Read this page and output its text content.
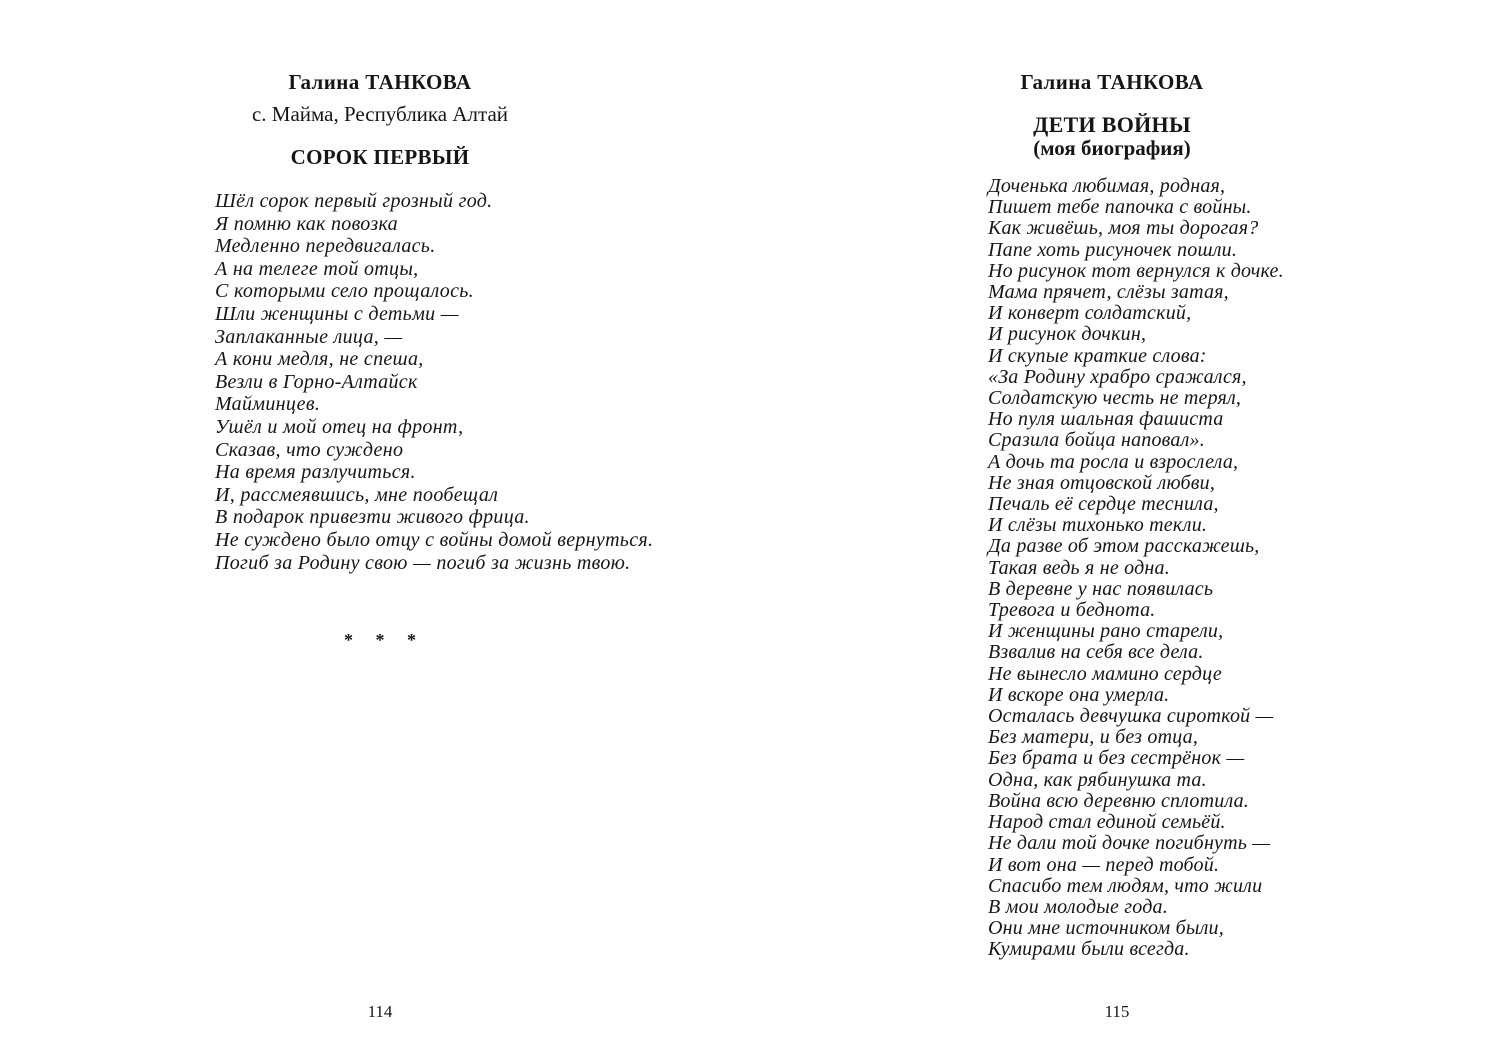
Галина ТАНКОВА
с. Майма, Республика Алтай
СОРОК ПЕРВЫЙ
Шёл сорок первый грозный год.
Я помню как повозка
Медленно передвигалась.
А на телеге той отцы,
С которыми село прощалось.
Шли женщины с детьми —
Заплаканные лица, —
А кони медля, не спеша,
Везли в Горно-Алтайск
Майминцев.
Ушёл и мой отец на фронт,
Сказав, что суждено
На время разлучиться.
И, рассмеявшись, мне пообещал
В подарок привезти живого фрица.
Не суждено было отцу с войны домой вернуться.
Погиб за Родину свою — погиб за жизнь твою.
* * *
114
Галина ТАНКОВА
ДЕТИ ВОЙНЫ
(моя биография)
Доченька любимая, родная,
Пишет тебе папочка с войны.
Как живёшь, моя ты дорогая?
Папе хоть рисуночек пошли.
Но рисунок тот вернулся к дочке.
Мама прячет, слёзы затая,
И конверт солдатский,
И рисунок дочкин,
И скупые краткие слова:
«За Родину храбро сражался,
Солдатскую честь не терял,
Но пуля шальная фашиста
Сразила бойца наповал».
А дочь та росла и взрослела,
Не зная отцовской любви,
Печаль её сердце теснила,
И слёзы тихонько текли.
Да разве об этом расскажешь,
Такая ведь я не одна.
В деревне у нас появилась
Тревога и беднота.
И женщины рано старели,
Взвалив на себя все дела.
Не вынесло мамино сердце
И вскоре она умерла.
Осталась девчушка сироткой —
Без матери, и без отца,
Без брата и без сестрёнок —
Одна, как рябинушка та.
Война всю деревню сплотила.
Народ стал единой семьёй.
Не дали той дочке погибнуть —
И вот она — перед тобой.
Спасибо тем людям, что жили
В мои молодые года.
Они мне источником были,
Кумирами были всегда.
115
